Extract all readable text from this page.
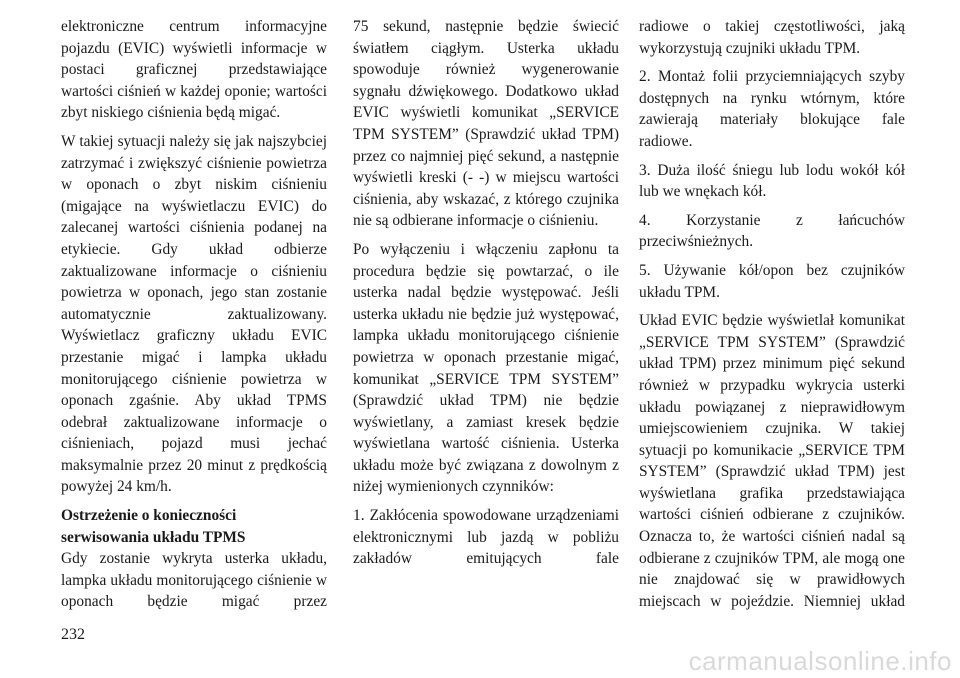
elektroniczne centrum informacyjne pojazdu (EVIC) wyświetli informacje w postaci graficznej przedstawiające wartości ciśnień w każdej oponie; wartości zbyt niskiego ciśnienia będą migać.

W takiej sytuacji należy się jak najszybciej zatrzymać i zwiększyć ciśnienie powietrza w oponach o zbyt niskim ciśnieniu (migające na wyświetlaczu EVIC) do zalecanej wartości ciśnienia podanej na etykiecie. Gdy układ odbierze zaktualizowane informacje o ciśnieniu powietrza w oponach, jego stan zostanie automatycznie zaktualizowany. Wyświetlacz graficzny układu EVIC przestanie migać i lampka układu monitorującego ciśnienie powietrza w oponach zgaśnie. Aby układ TPMS odebrał zaktualizowane informacje o ciśnieniach, pojazd musi jechać maksymalnie przez 20 minut z prędkością powyżej 24 km/h.

Ostrzeżenie o konieczności
serwisowania układu TPMS

Gdy zostanie wykryta usterka układu, lampka układu monitorującego ciśnienie w oponach będzie migać przez

75 sekund, następnie będzie świecić światłem ciągłym. Usterka układu spowoduje również wygenerowanie sygnału dźwiękowego. Dodatkowo układ EVIC wyświetli komunikat „SERVICE TPM SYSTEM” (Sprawdzić układ TPM) przez co najmniej pięć sekund, a następnie wyświetli kreski (- -) w miejscu wartości ciśnienia, aby wskazać, z którego czujnika nie są odbierane informacje o ciśnieniu.

Po wyłączeniu i włączeniu zapłonu ta procedura będzie się powtarzać, o ile usterka nadal będzie występować. Jeśli usterka układu nie będzie już występować, lampka układu monitorującego ciśnienie powietrza w oponach przestanie migać, komunikat „SERVICE TPM SYSTEM” (Sprawdzić układ TPM) nie będzie wyświetlany, a zamiast kresek będzie wyświetlana wartość ciśnienia. Usterka układu może być związana z dowolnym z niżej wymienionych czynników:

1. Zakłócenia spowodowane urządzeniami elektronicznymi lub jazdą w pobliżu zakładów emitujących fale

radiowe o takiej częstotliwości, jaką wykorzystują czujniki układu TPM.

2. Montaż folii przyciemniających szyby dostępnych na rynku wtórnym, które zawierają materiały blokujące fale radiowe.

3. Duża ilość śniegu lub lodu wokół kół lub we wnękach kół.

4. Korzystanie z łańcuchów przeciwśnieżnych.

5. Używanie kół/opon bez czujników układu TPM.

Układ EVIC będzie wyświetlał komunikat „SERVICE TPM SYSTEM” (Sprawdzić układ TPM) przez minimum pięć sekund również w przypadku wykrycia usterki układu powiązanej z nieprawidłowym umiejscowieniem czujnika. W takiej sytuacji po komunikacie „SERVICE TPM SYSTEM” (Sprawdzić układ TPM) jest wyświetlana grafika przedstawiająca wartości ciśnień odbierane z czujników. Oznacza to, że wartości ciśnień nadal są odbierane z czujników TPM, ale mogą one nie znajdować się w prawidłowych miejscach w pojeździe. Niemniej układ

232
carmanualsonline.info
